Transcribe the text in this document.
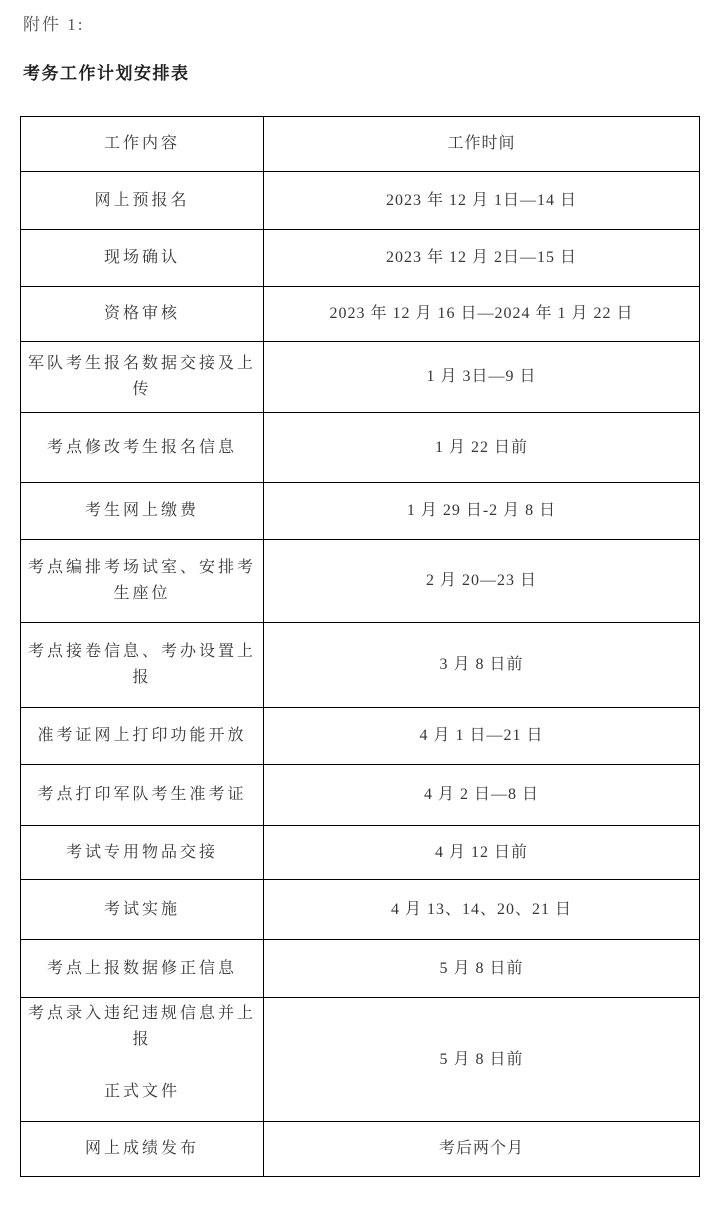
附件 1:
考务工作计划安排表
工作内容	工作时间
网上预报名	2023 年 12 月 1日—14 日
现场确认	2023 年 12 月 2日—15 日
资格审核	2023 年 12 月 16 日—2024 年 1 月 22 日
军队考生报名数据交接及上传	1 月 3日—9 日
考点修改考生报名信息	1 月 22 日前
考生网上缴费	1 月 29 日-2 月 8 日
考点编排考场试室、安排考生座位	2 月 20—23 日
考点接卷信息、考办设置上报	3 月 8 日前
准考证网上打印功能开放	4 月 1 日—21 日
考点打印军队考生准考证	4 月 2 日—8 日
考试专用物品交接	4 月 12 日前
考试实施	4 月 13、14、20、21 日
考点上报数据修正信息	5 月 8 日前

考点录入违纪违规信息并上报
正式文件	5 月 8 日前
网上成绩发布	考后两个月
